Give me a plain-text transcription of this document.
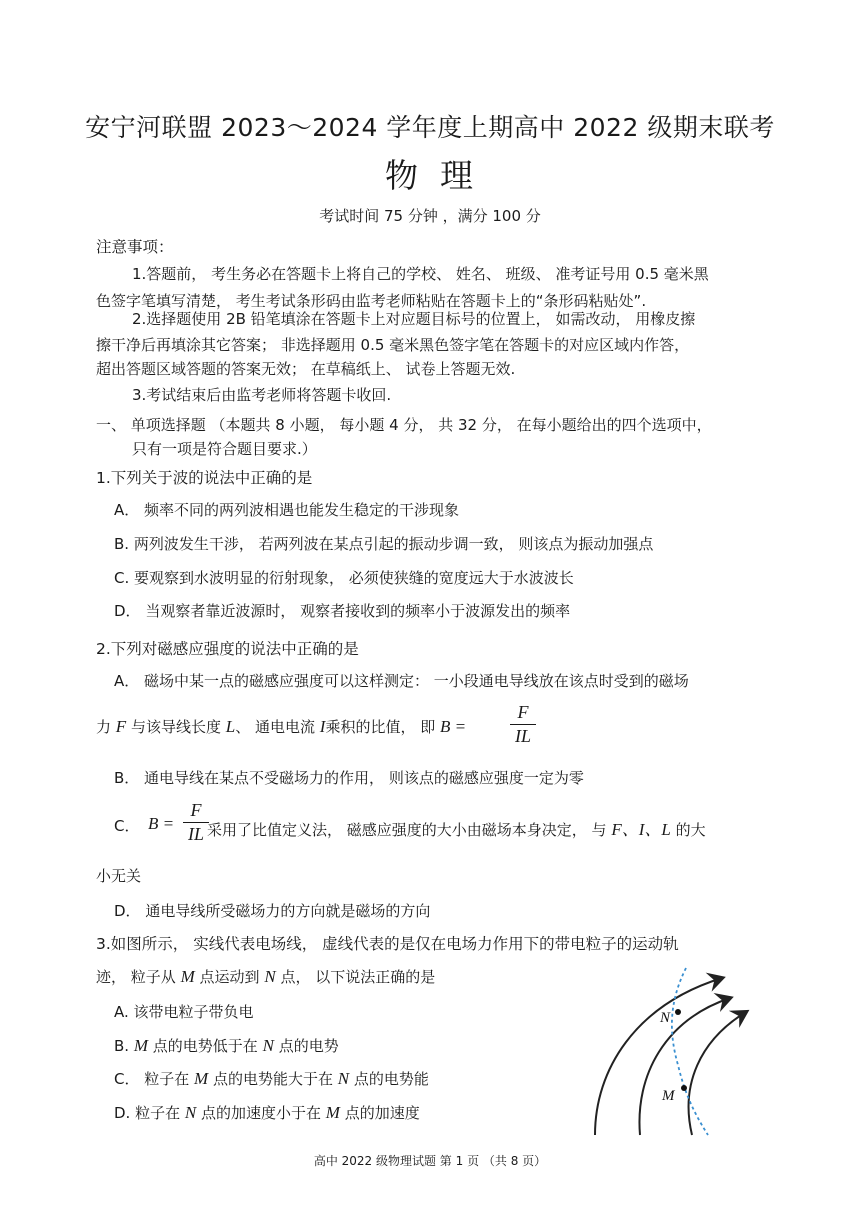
安宁河联盟 2023～2024 学年度上期高中 2022 级期末联考
物理
考试时间 75 分钟 ，满分 100 分
注意事项：
1.答题前， 考生务必在答题卡上将自己的学校、 姓名、 班级、 准考证号用 0.5 毫米黑
色签字笔填写清楚， 考生考试条形码由监考老师粘贴在答题卡上的“条形码粘贴处”.
2.选择题使用 2B 铅笔填涂在答题卡上对应题目标号的位置上， 如需改动， 用橡皮擦
擦干净后再填涂其它答案； 非选择题用 0.5 毫米黑色签字笔在答题卡的对应区域内作答，
超出答题区域答题的答案无效； 在草稿纸上、 试卷上答题无效.
3.考试结束后由监考老师将答题卡收回.
一、 单项选择题 （本题共 8 小题， 每小题 4 分， 共 32 分， 在每小题给出的四个选项中，
只有一项是符合题目要求.）
1.下列关于波的说法中正确的是
A． 频率不同的两列波相遇也能发生稳定的干涉现象
B. 两列波发生干涉， 若两列波在某点引起的振动步调一致， 则该点为振动加强点
C. 要观察到水波明显的衍射现象， 必须使狭缝的宽度远大于水波波长
D． 当观察者靠近波源时， 观察者接收到的频率小于波源发出的频率
2.下列对磁感应强度的说法中正确的是
A． 磁场中某一点的磁感应强度可以这样测定： 一小段通电导线放在该点时受到的磁场
力 F 与该导线长度 L、 通电电流 I乘积的比值， 即 B =
F
IL
B． 通电导线在某点不受磁场力的作用， 则该点的磁感应强度一定为零
C． B =
F
IL 采用了比值定义法， 磁感应强度的大小由磁场本身决定， 与 F、I、L 的大
小无关
D． 通电导线所受磁场力的方向就是磁场的方向
3.如图所示， 实线代表电场线， 虚线代表的是仅在电场力作用下的带电粒子的运动轨
迹， 粒子从 M 点运动到 N 点， 以下说法正确的是
A. 该带电粒子带负电
B. M 点的电势低于在 N 点的电势
C． 粒子在 M 点的电势能大于在 N 点的电势能
D. 粒子在 N 点的加速度小于在 M 点的加速度
N
M
高中 2022 级物理试题 第 1 页 （共 8 页）
